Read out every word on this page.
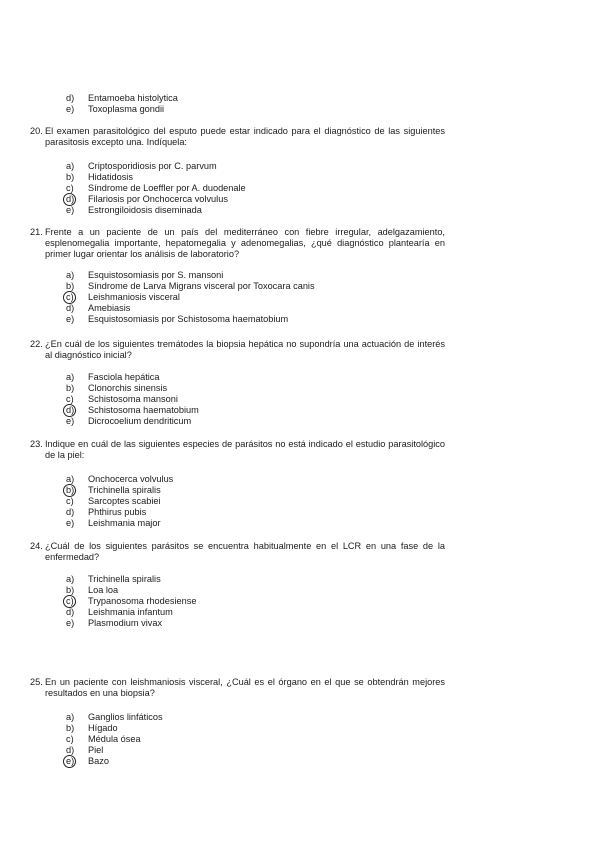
d)	Entamoeba histolytica
e)	Toxoplasma gondii
20. El examen parasitológico del esputo puede estar indicado para el diagnóstico de las siguientes parasitosis excepto una. Indíquela:
21. Frente a un paciente de un país del mediterráneo con fiebre irregular, adelgazamiento, esplenomegalia importante, hepatomegalia y adenomegalias, ¿qué diagnóstico plantearía en primer lugar orientar los análisis de laboratorio?
22. ¿En cuál de los siguientes tremátodes la biopsia hepática no supondría una actuación de interés al diagnóstico inicial?
23. Indique en cuál de las siguientes especies de parásitos no está indicado el estudio parasitológico de la piel:
24. ¿Cuál de los siguientes parásitos se encuentra habitualmente en el LCR en una fase de la enfermedad?
25. En un paciente con leishmaniosis visceral, ¿Cuál es el órgano en el que se obtendrán mejores resultados en una biopsia?
a)	Criptosporidiosis por C. parvum
b)	Hidatidosis
c)	Síndrome de Loeffler por A. duodenale
d)	Filariosis por Onchocerca volvulus
e)	Estrongiloidosis diseminada
a)	Esquistosomiasis por S. mansoni
b)	Síndrome de Larva Migrans visceral por Toxocara canis
c)	Leishmaniosis visceral
d)	Amebiasis
e)	Esquistosomiasis por Schistosoma haematobium
a)	Fasciola hepática
b)	Clonorchis sinensis
c)	Schistosoma mansoni
d)	Schistosoma haematobium
e)	Dicrocoelium dendriticum
a)	Onchocerca volvulus
b)	Trichinella spiralis
c)	Sarcoptes scabiei
d)	Phthirus pubis
e)	Leishmania major
a)	Trichinella spiralis
b)	Loa loa
c)	Trypanosoma rhodesiense
d)	Leishmania infantum
e)	Plasmodium vivax
a)	Ganglios linfáticos
b)	Hígado
c)	Médula ósea
d)	Piel
e)	Bazo
